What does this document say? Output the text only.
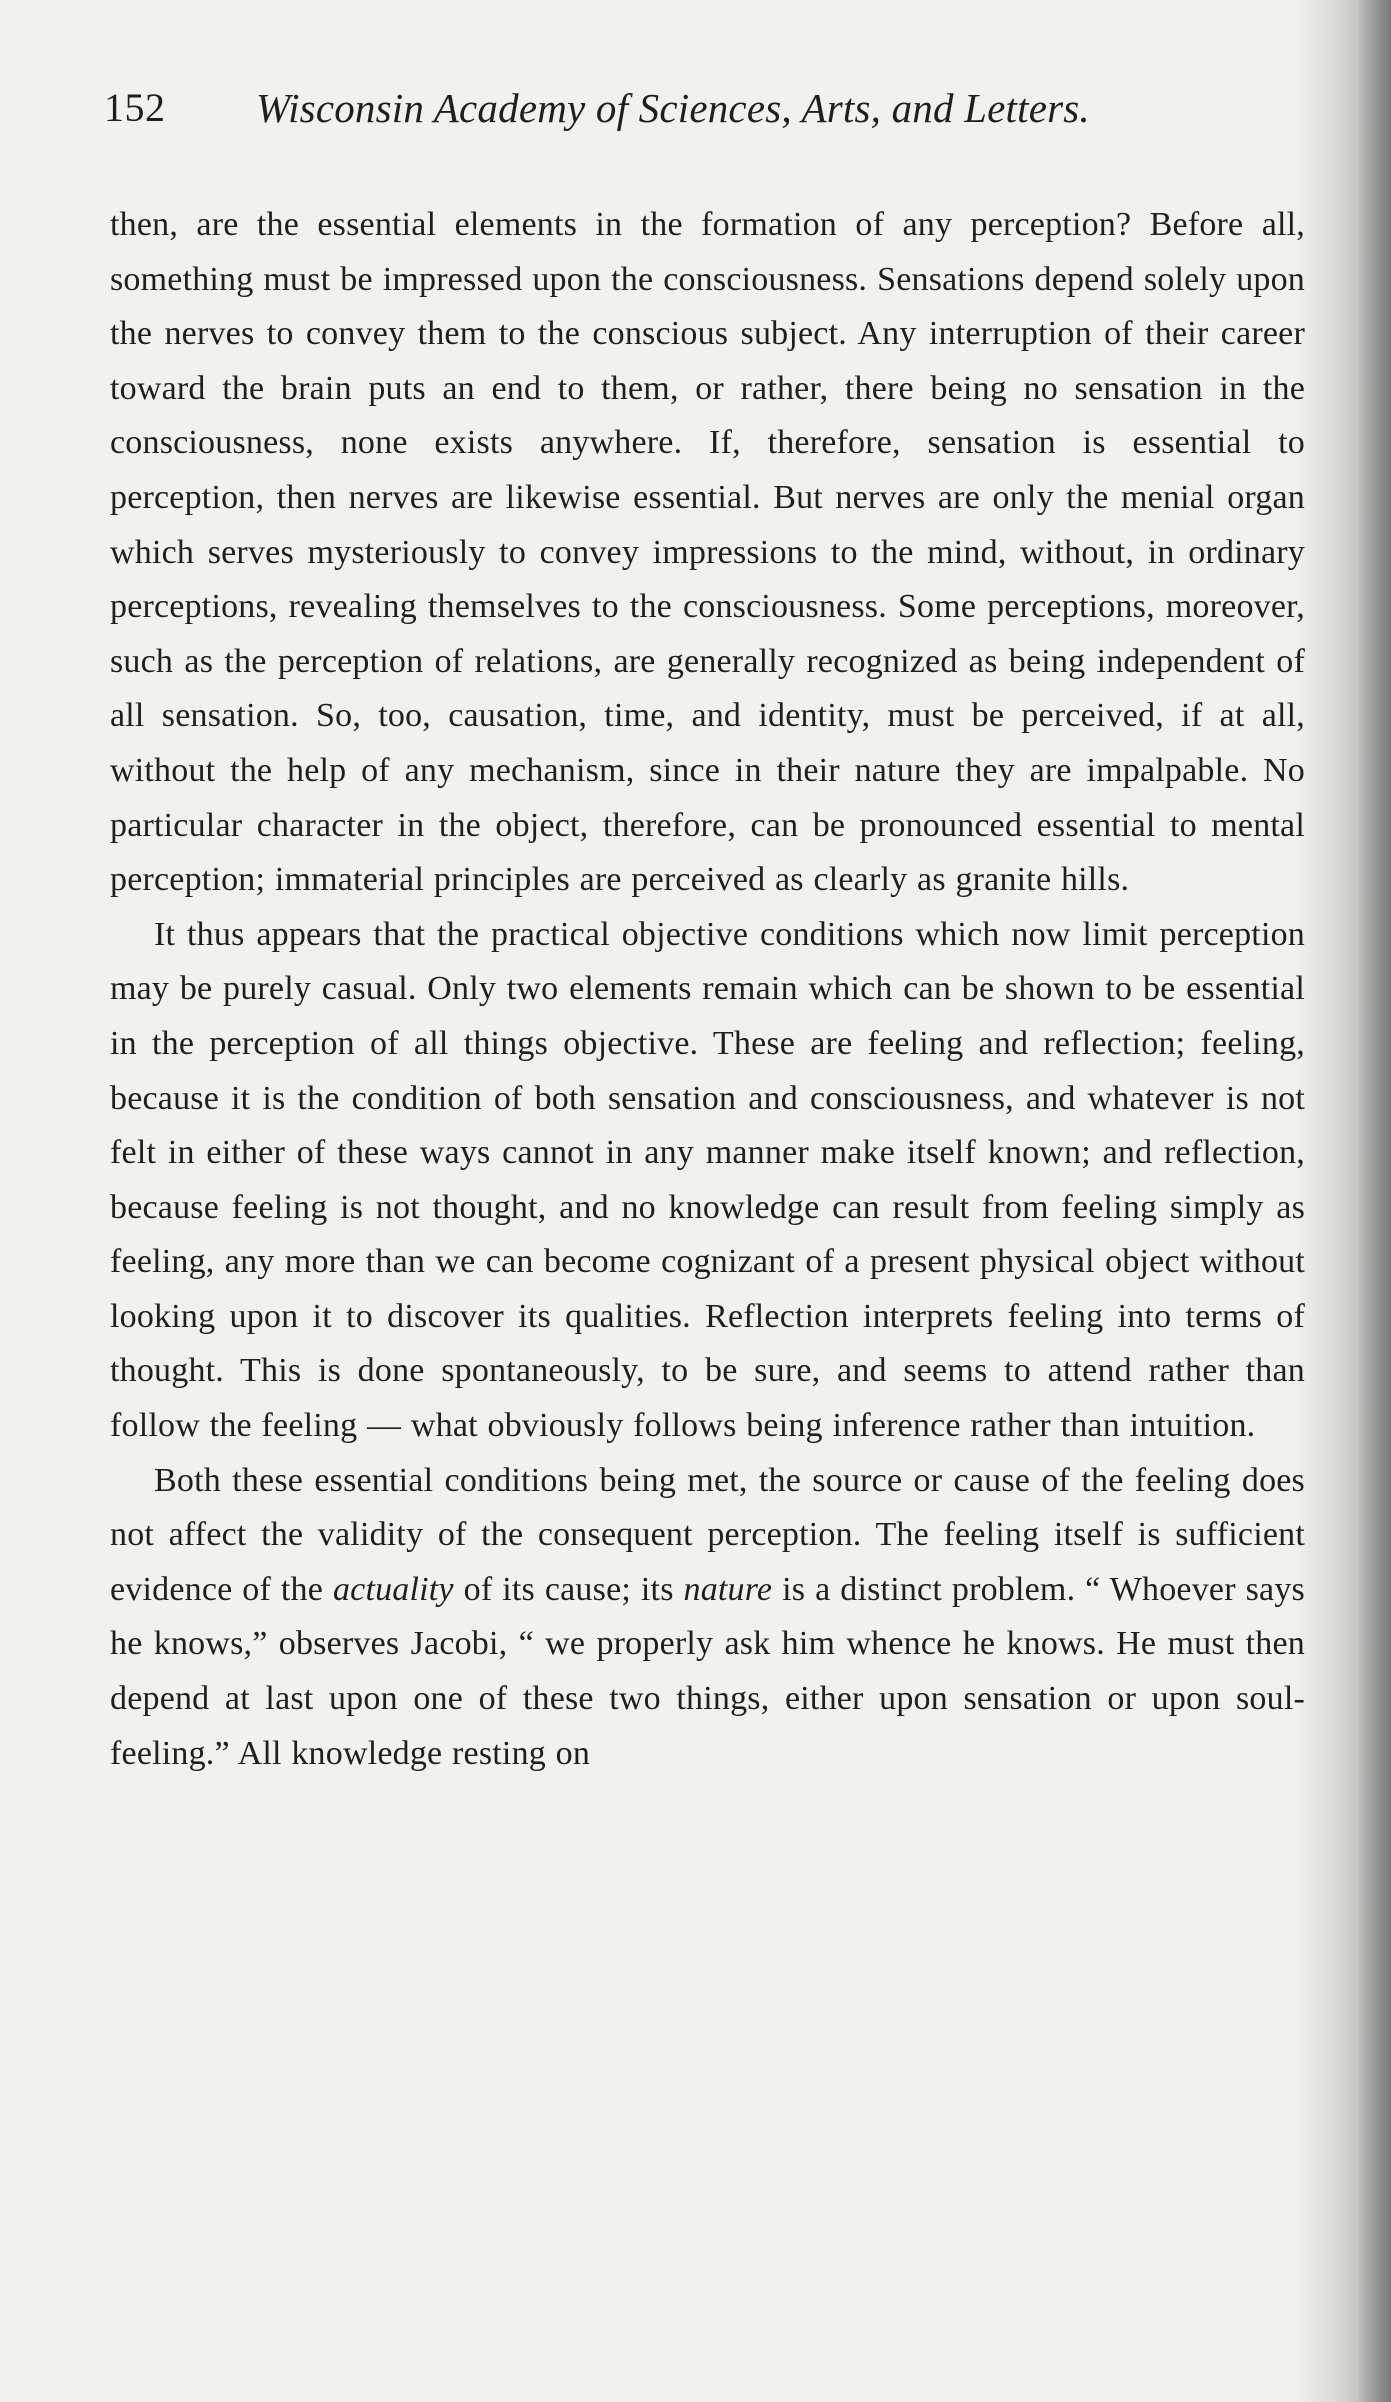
152 Wisconsin Academy of Sciences, Arts, and Letters.

then, are the essential elements in the formation of any perception? Before all, something must be impressed upon the consciousness. Sensations depend solely upon the nerves to convey them to the conscious subject. Any interruption of their career toward the brain puts an end to them, or rather, there being no sensation in the consciousness, none exists anywhere. If, therefore, sensation is essential to perception, then nerves are likewise essential. But nerves are only the menial organ which serves mysteriously to convey impressions to the mind, without, in ordinary perceptions, revealing themselves to the consciousness. Some perceptions, moreover, such as the perception of relations, are generally recognized as being independent of all sensation. So, too, causation, time, and identity, must be perceived, if at all, without the help of any mechanism, since in their nature they are impalpable. No particular character in the object, therefore, can be pronounced essential to mental perception; immaterial principles are perceived as clearly as granite hills.

It thus appears that the practical objective conditions which now limit perception may be purely casual. Only two elements remain which can be shown to be essential in the perception of all things objective. These are feeling and reflection; feeling, because it is the condition of both sensation and consciousness, and whatever is not felt in either of these ways cannot in any manner make itself known; and reflection, because feeling is not thought, and no knowledge can result from feeling simply as feeling, any more than we can become cognizant of a present physical object without looking upon it to discover its qualities. Reflection interprets feeling into terms of thought. This is done spontaneously, to be sure, and seems to attend rather than follow the feeling — what obviously follows being inference rather than intuition.

Both these essential conditions being met, the source or cause of the feeling does not affect the validity of the consequent perception. The feeling itself is sufficient evidence of the actuality of its cause; its nature is a distinct problem. “ Whoever says he knows,” observes Jacobi, “ we properly ask him whence he knows. He must then depend at last upon one of these two things, either upon sensation or upon soul-feeling.” All knowledge resting on
